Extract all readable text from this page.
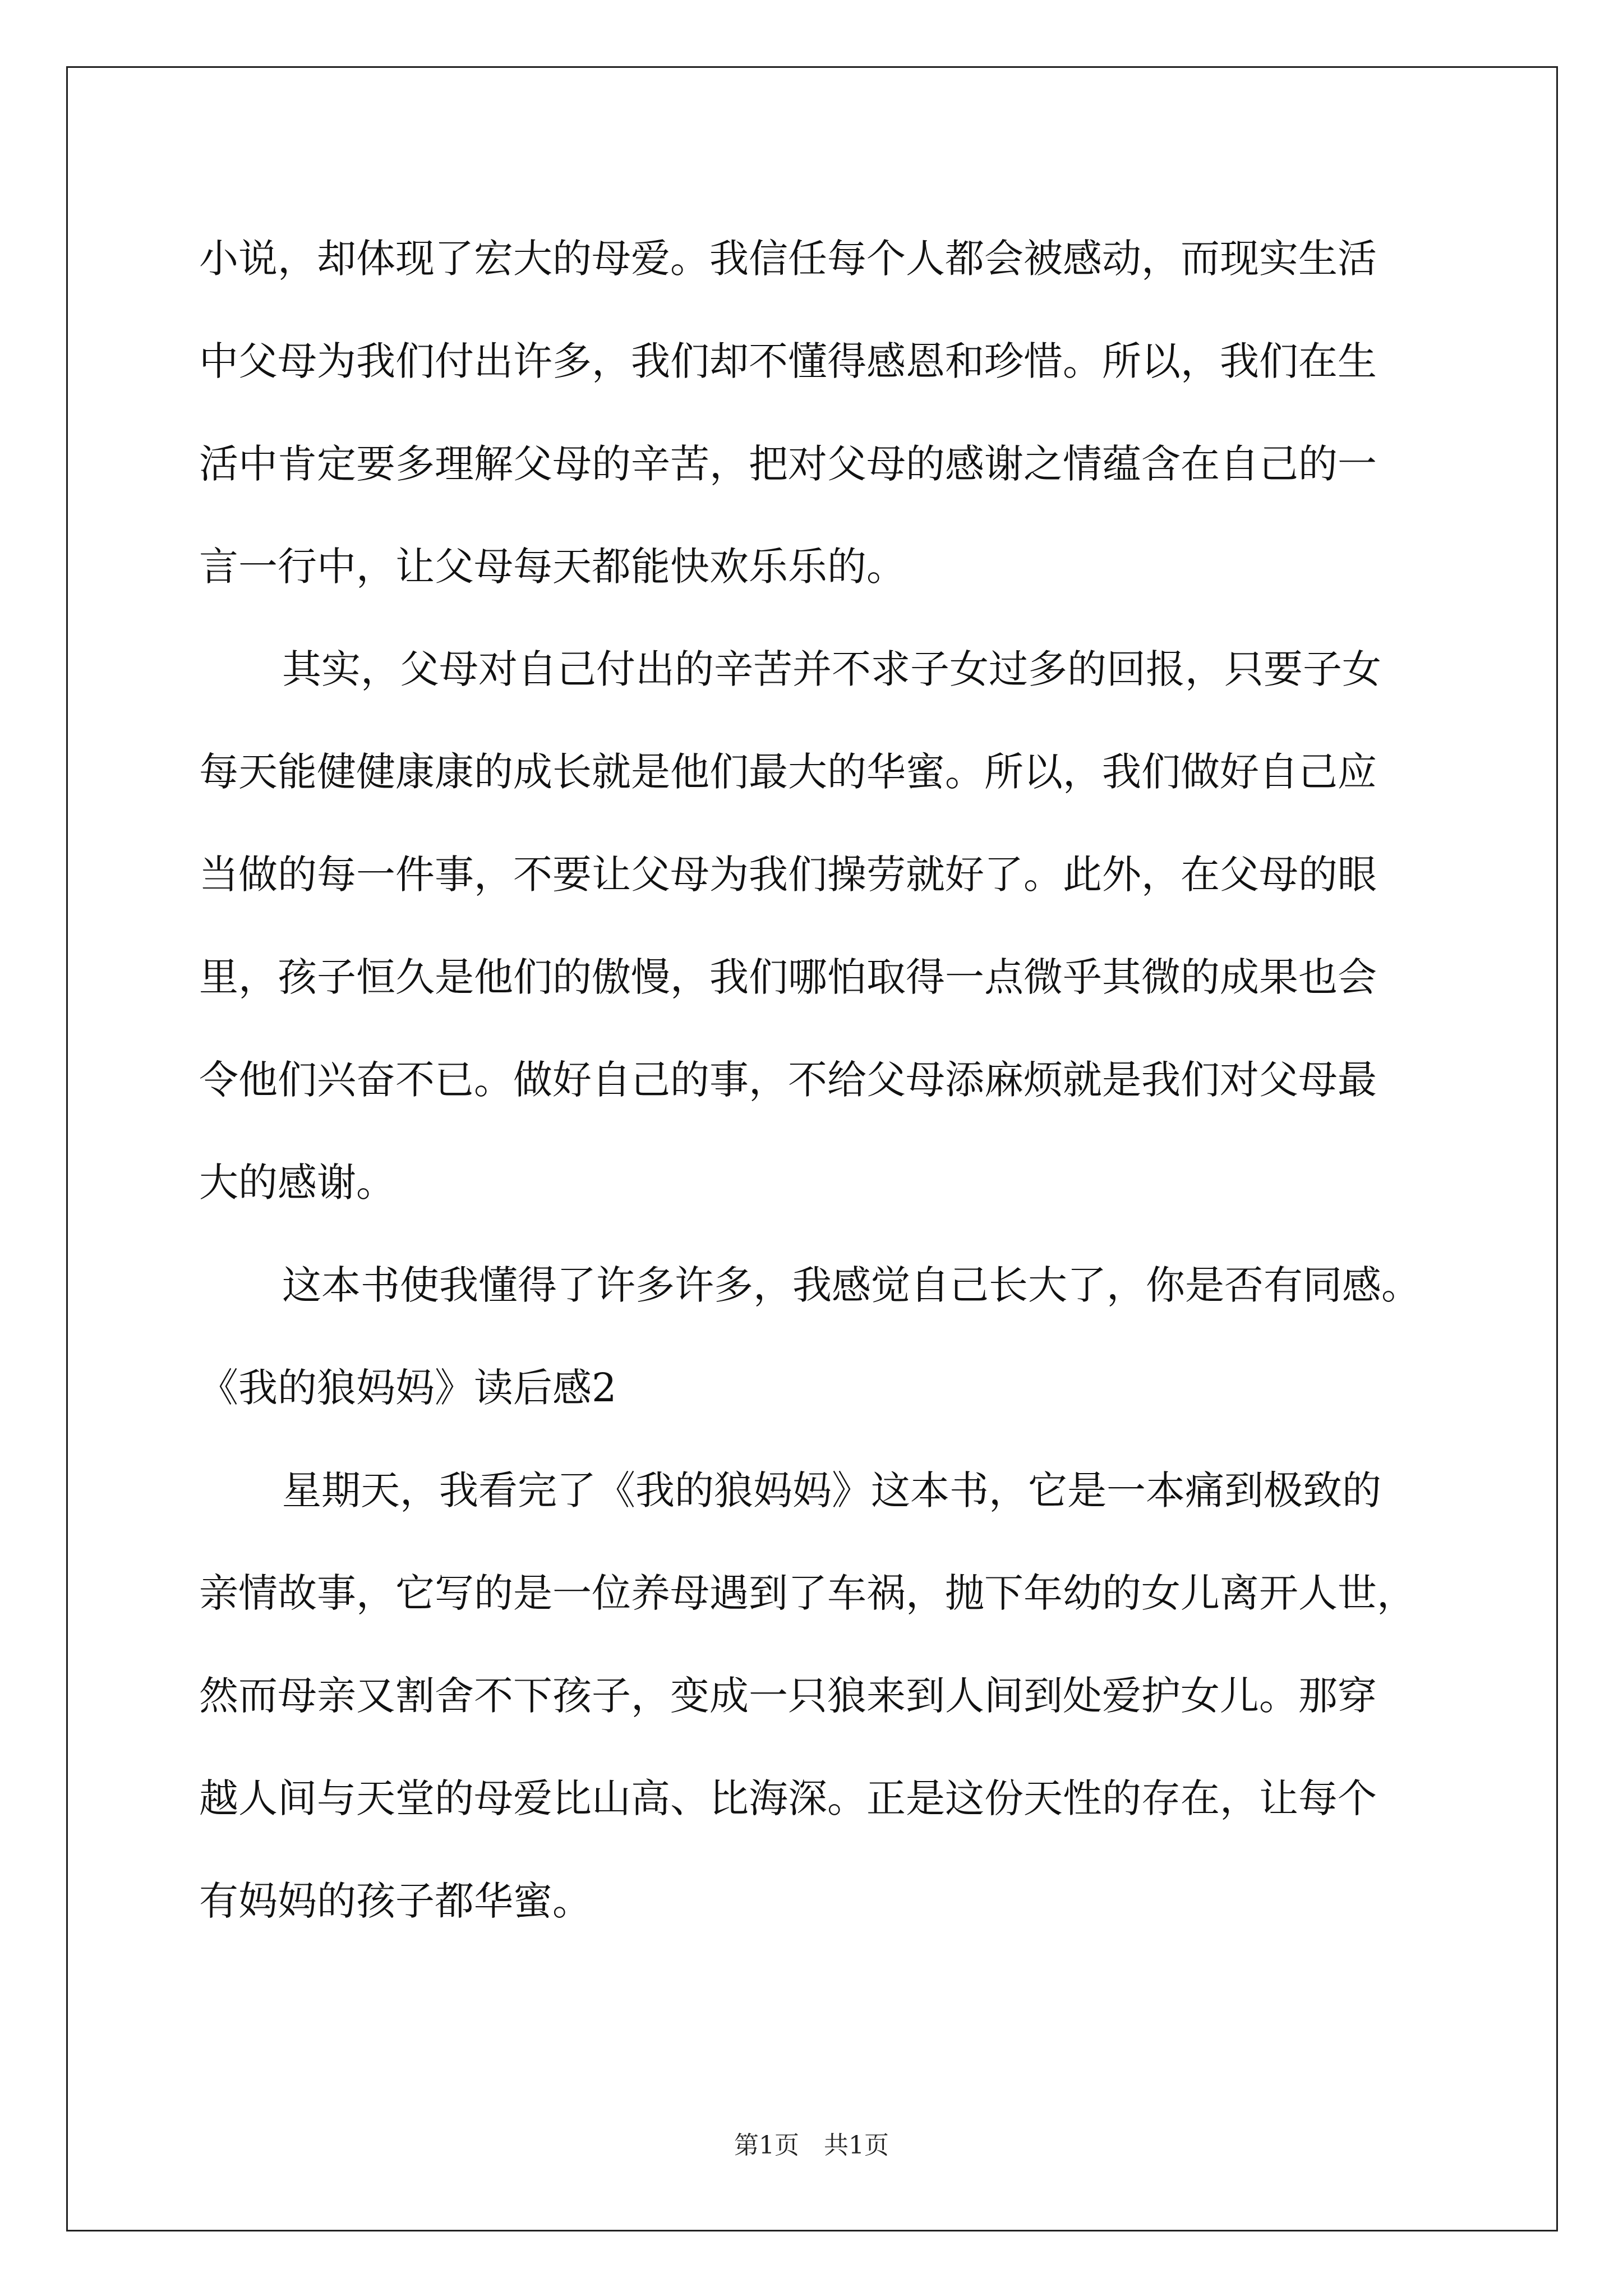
小说，却体现了宏大的母爱。我信任每个人都会被感动，而现实生活
中父母为我们付出许多，我们却不懂得感恩和珍惜。所以，我们在生
活中肯定要多理解父母的辛苦，把对父母的感谢之情蕴含在自己的一
言一行中，让父母每天都能快欢乐乐的。

其实，父母对自己付出的辛苦并不求子女过多的回报，只要子女
每天能健健康康的成长就是他们最大的华蜜。所以，我们做好自己应
当做的每一件事，不要让父母为我们操劳就好了。此外，在父母的眼
里，孩子恒久是他们的傲慢，我们哪怕取得一点微乎其微的成果也会
令他们兴奋不已。做好自己的事，不给父母添麻烦就是我们对父母最
大的感谢。

这本书使我懂得了许多许多，我感觉自己长大了，你是否有同感。

《我的狼妈妈》读后感2

星期天，我看完了《我的狼妈妈》这本书，它是一本痛到极致的
亲情故事，它写的是一位养母遇到了车祸，抛下年幼的女儿离开人世，
然而母亲又割舍不下孩子，变成一只狼来到人间到处爱护女儿。那穿
越人间与天堂的母爱比山高、比海深。正是这份天性的存在，让每个
有妈妈的孩子都华蜜。

第1页　共1页
